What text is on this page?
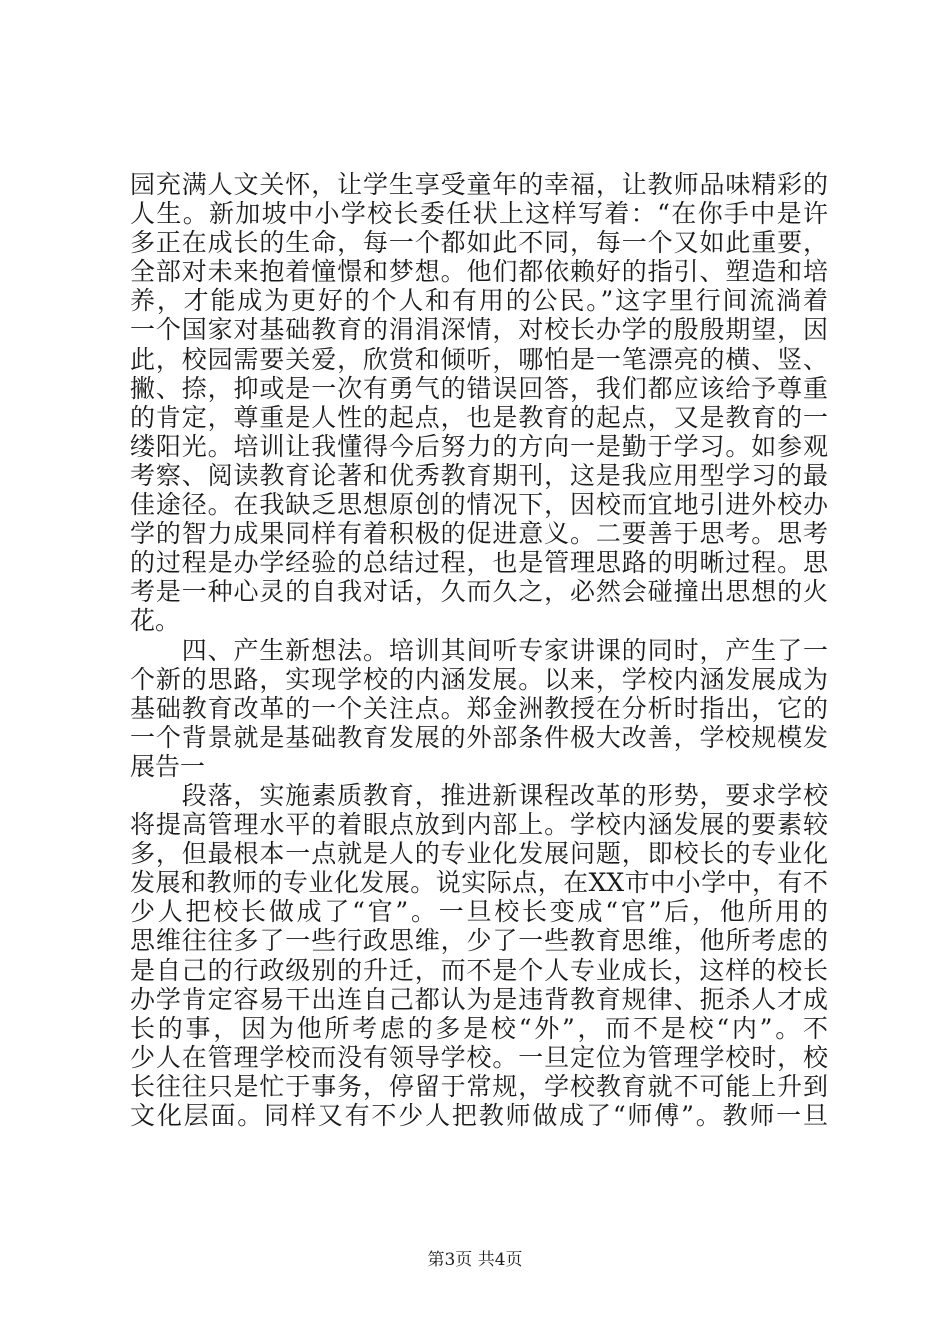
园充满人文关怀，让学生享受童年的幸福，让教师品味精彩的
人生。新加坡中小学校长委任状上这样写着：“在你手中是许
多正在成长的生命，每一个都如此不同，每一个又如此重要，
全部对未来抱着憧憬和梦想。他们都依赖好的指引、塑造和培
养，才能成为更好的个人和有用的公民。”这字里行间流淌着
一个国家对基础教育的涓涓深情，对校长办学的殷殷期望，因
此，校园需要关爱，欣赏和倾听，哪怕是一笔漂亮的横、竖、
撇、捺，抑或是一次有勇气的错误回答，我们都应该给予尊重
的肯定，尊重是人性的起点，也是教育的起点，又是教育的一
缕阳光。培训让我懂得今后努力的方向一是勤于学习。如参观
考察、阅读教育论著和优秀教育期刊，这是我应用型学习的最
佳途径。在我缺乏思想原创的情况下，因校而宜地引进外校办
学的智力成果同样有着积极的促进意义。二要善于思考。思考
的过程是办学经验的总结过程，也是管理思路的明晰过程。思
考是一种心灵的自我对话，久而久之，必然会碰撞出思想的火
花。
　　四、产生新想法。培训其间听专家讲课的同时，产生了一
个新的思路，实现学校的内涵发展。以来，学校内涵发展成为
基础教育改革的一个关注点。郑金洲教授在分析时指出，它的
一个背景就是基础教育发展的外部条件极大改善，学校规模发
展告一
　　段落，实施素质教育，推进新课程改革的形势，要求学校
将提高管理水平的着眼点放到内部上。学校内涵发展的要素较
多，但最根本一点就是人的专业化发展问题，即校长的专业化
发展和教师的专业化发展。说实际点，在XX市中小学中，有不
少人把校长做成了“官”。一旦校长变成“官”后，他所用的
思维往往多了一些行政思维，少了一些教育思维，他所考虑的
是自己的行政级别的升迁，而不是个人专业成长，这样的校长
办学肯定容易干出连自己都认为是违背教育规律、扼杀人才成
长的事，因为他所考虑的多是校“外”，而不是校“内”。不
少人在管理学校而没有领导学校。一旦定位为管理学校时，校
长往往只是忙于事务，停留于常规，学校教育就不可能上升到
文化层面。同样又有不少人把教师做成了“师傅”。教师一旦
第3页 共4页
